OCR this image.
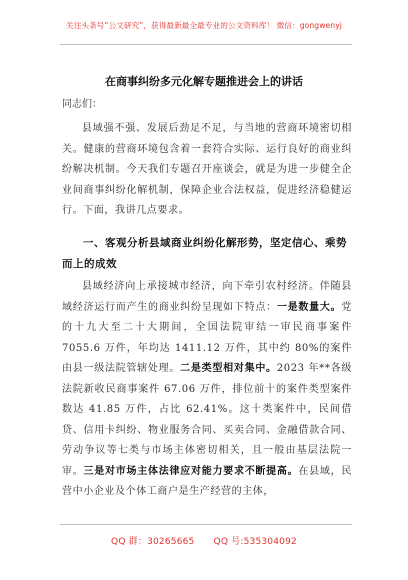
关注头条号“公文研究”，获得最新最全最专业的公文资料库！ 微信：gongwenyj
在商事纠纷多元化解专题推进会上的讲话
同志们：
县域强不强、发展后劲足不足，与当地的营商环境密切相关。健康的营商环境包含着一套符合实际、运行良好的商业纠纷解决机制。今天我们专题召开座谈会，就是为进一步健全企业间商事纠纷化解机制，保障企业合法权益，促进经济稳健运行。下面，我讲几点要求。
一、客观分析县域商业纠纷化解形势，坚定信心、乘势而上的成效
县域经济向上承接城市经济，向下牵引农村经济。伴随县域经济运行而产生的商业纠纷呈现如下特点：一是数量大。党的十九大至二十大期间，全国法院审结一审民商事案件 7055.6 万件，年均达 1411.12 万件，其中约 80%的案件由县一级法院管辖处理。二是类型相对集中。2023 年**各级法院新收民商事案件 67.06 万件，排位前十的案件类型案件数达 41.85 万件，占比 62.41%。这十类案件中，民间借贷、信用卡纠纷、物业服务合同、买卖合同、金融借款合同、劳动争议等七类与市场主体密切相关，且一般由基层法院一审。三是对市场主体法律应对能力要求不断提高。在县域，民营中小企业及个体工商户是生产经营的主体，
QQ 群：30265665 QQ 号:535304092
